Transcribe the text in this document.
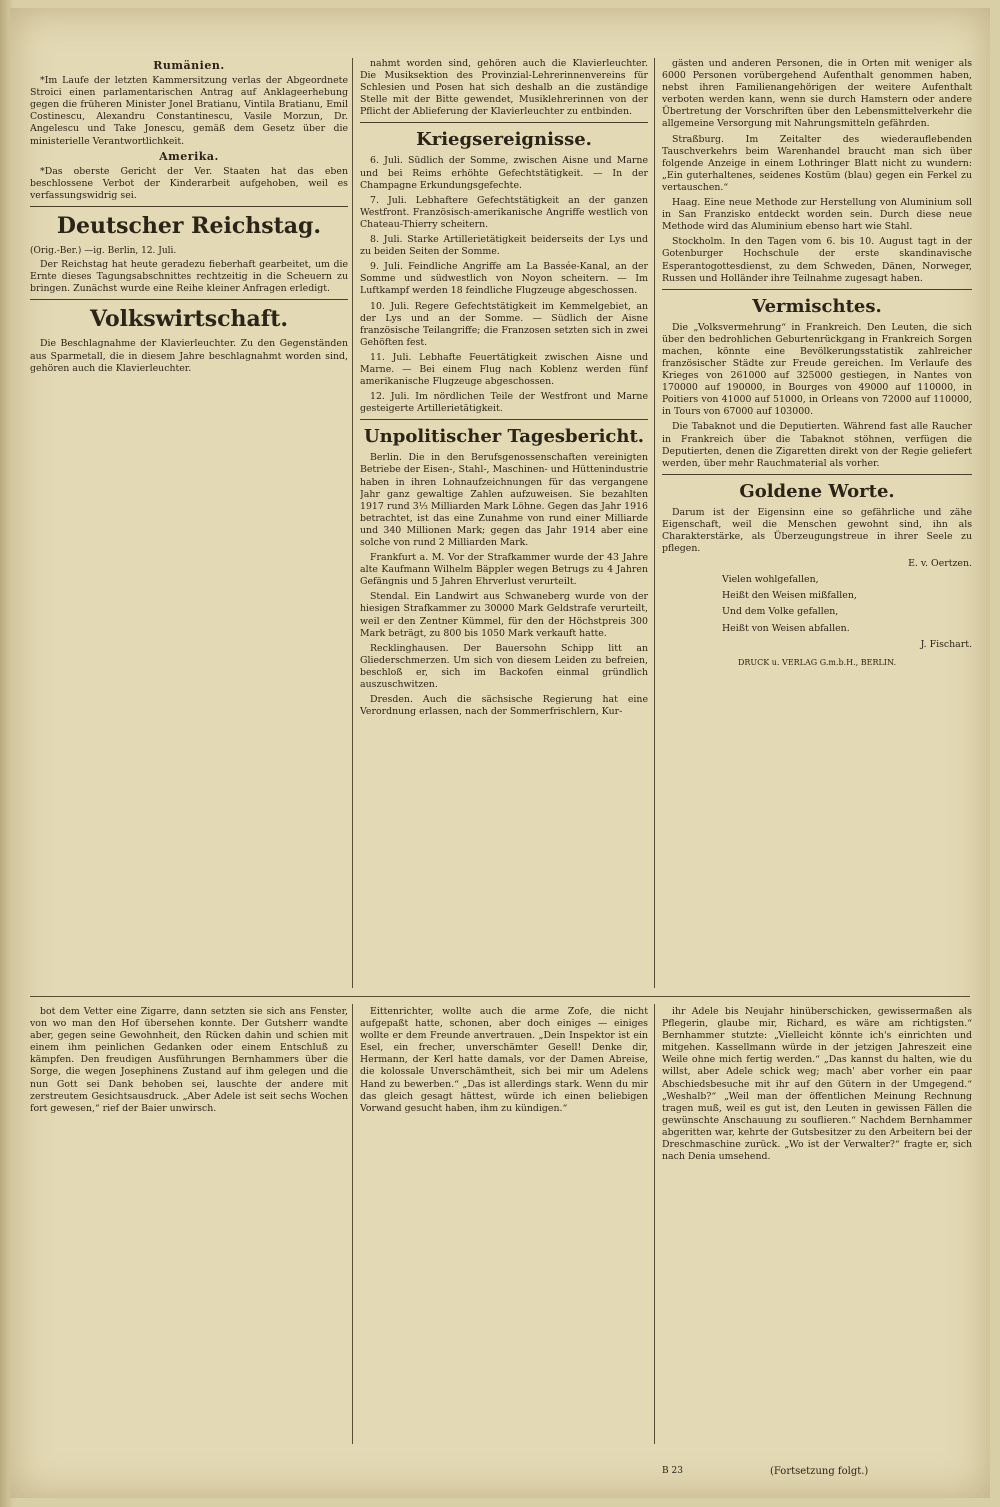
Rumänien.

*Im Laufe der letzten Kammersitzung verlas der Abgeordnete Stroici einen parlamentarischen Antrag auf Anklageerhebung gegen die früheren Minister Jonel Bratianu, Vintila Bratianu, Emil Costinescu, Alexandru Constantinescu, Vasile Morzun, Dr. Angelescu und Take Jonescu, gemäß dem Gesetz über die ministerielle Verantwortlichkeit.

Amerika.

*Das oberste Gericht der Ver. Staaten hat das eben beschlossene Verbot der Kinderarbeit aufgehoben, weil es verfassungswidrig sei.

Deutscher Reichstag.
(Orig.-Ber.) —ig. Berlin, 12. Juli.

Der Reichstag hat heute geradezu fieberhaft gearbeitet, um die Ernte dieses Tagungsabschnittes rechtzeitig in die Scheuern zu bringen. Zunächst wurde eine Reihe kleiner Anfragen erledigt.

Volkswirtschaft.

Die Beschlagnahme der Klavierleuchter. Zu den Gegenständen aus Sparmetall, die in diesem Jahre beschlagnahmt worden sind, gehören auch die Klavierleuchter.

nahmt worden sind, gehören auch die Klavierleuchter. Die Musiksektion des Provinzial-Lehrerinnenvereins für Schlesien und Posen hat sich deshalb an die zuständige Stelle mit der Bitte gewendet, Musiklehrerinnen von der Pflicht der Ablieferung der Klavierleuchter zu entbinden.

Kriegsereignisse.

6. Juli. Südlich der Somme, zwischen Aisne und Marne und bei Reims erhöhte Gefechtstätigkeit. — In der Champagne Erkundungsgefechte.

7. Juli. Lebhaftere Gefechtstätigkeit an der ganzen Westfront. Französisch-amerikanische Angriffe westlich von Chateau-Thierry scheitern.

8. Juli. Starke Artillerietätigkeit beiderseits der Lys und zu beiden Seiten der Somme.

9. Juli. Feindliche Angriffe am La Bassée-Kanal, an der Somme und südwestlich von Noyon scheitern. — Im Luftkampf werden 18 feindliche Flugzeuge abgeschossen.

10. Juli. Regere Gefechtstätigkeit im Kemmelgebiet, an der Lys und an der Somme. — Südlich der Aisne französische Teilangriffe; die Franzosen setzten sich in zwei Gehöften fest.

11. Juli. Lebhafte Feuertätigkeit zwischen Aisne und Marne. — Bei einem Flug nach Koblenz werden fünf amerikanische Flugzeuge abgeschossen.

12. Juli. Im nördlichen Teile der Westfront und Marne gesteigerte Artillerietätigkeit.

Unpolitischer Tagesbericht.

Berlin. Die in den Berufsgenossenschaften vereinigten Betriebe der Eisen-, Stahl-, Maschinen- und Hüttenindustrie haben in ihren Lohnaufzeichnungen für das vergangene Jahr ganz gewaltige Zahlen aufzuweisen. Sie bezahlten 1917 rund 3⅓ Milliarden Mark Löhne. Gegen das Jahr 1916 betrachtet, ist das eine Zunahme von rund einer Milliarde und 340 Millionen Mark; gegen das Jahr 1914 aber eine solche von rund 2 Milliarden Mark.

Frankfurt a. M. Vor der Strafkammer wurde der 43 Jahre alte Kaufmann Wilhelm Bäppler wegen Betrugs zu 4 Jahren Gefängnis und 5 Jahren Ehrverlust verurteilt.

Stendal. Ein Landwirt aus Schwaneberg wurde von der hiesigen Strafkammer zu 30000 Mark Geldstrafe verurteilt, weil er den Zentner Kümmel, für den der Höchstpreis 300 Mark beträgt, zu 800 bis 1050 Mark verkauft hatte.

Recklinghausen. Der Bauersohn Schipp litt an Gliederschmerzen. Um sich von diesem Leiden zu befreien, beschloß er, sich im Backofen einmal gründlich auszuschwitzen.

Dresden. Auch die sächsische Regierung hat eine Verordnung erlassen, nach der Sommerfrischlern, Kur-

gästen und anderen Personen, die in Orten mit weniger als 6000 Personen vorübergehend Aufenthalt genommen haben, nebst ihren Familienangehörigen der weitere Aufenthalt verboten werden kann, wenn sie durch Hamstern oder andere Übertretung der Vorschriften über den Lebensmittelverkehr die allgemeine Versorgung mit Nahrungsmitteln gefährden.

Straßburg. Im Zeitalter des wiederauflebenden Tauschverkehrs beim Warenhandel braucht man sich über folgende Anzeige in einem Lothringer Blatt nicht zu wundern: „Ein guterhaltenes, seidenes Kostüm (blau) gegen ein Ferkel zu vertauschen.“

Haag. Eine neue Methode zur Herstellung von Aluminium soll in San Franzisko entdeckt worden sein. Durch diese neue Methode wird das Aluminium ebenso hart wie Stahl.

Stockholm. In den Tagen vom 6. bis 10. August tagt in der Gotenburger Hochschule der erste skandinavische Esperantogottesdienst, zu dem Schweden, Dänen, Norweger, Russen und Holländer ihre Teilnahme zugesagt haben.

Vermischtes.

Die „Volksvermehrung“ in Frankreich. Den Leuten, die sich über den bedrohlichen Geburtenrückgang in Frankreich Sorgen machen, könnte eine Bevölkerungsstatistik zahlreicher französischer Städte zur Freude gereichen. Im Verlaufe des Krieges von 261000 auf 325000 gestiegen, in Nantes von 170000 auf 190000, in Bourges von 49000 auf 110000, in Poitiers von 41000 auf 51000, in Orleans von 72000 auf 110000, in Tours von 67000 auf 103000.

Die Tabaknot und die Deputierten. Während fast alle Raucher in Frankreich über die Tabaknot stöhnen, verfügen die Deputierten, denen die Zigaretten direkt von der Regie geliefert werden, über mehr Rauchmaterial als vorher.

Goldene Worte.

Darum ist der Eigensinn eine so gefährliche und zähe Eigenschaft, weil die Menschen gewohnt sind, ihn als Charakterstärke, als Überzeugungstreue in ihrer Seele zu pflegen.

E. v. Oertzen.
Vielen wohlgefallen,
Heißt den Weisen mißfallen,
Und dem Volke gefallen,
Heißt von Weisen abfallen.
J. Fischart.
DRUCK u. VERLAG G.m.b.H., BERLIN.

bot dem Vetter eine Zigarre, dann setzten sie sich ans Fenster, von wo man den Hof übersehen konnte. Der Gutsherr wandte aber, gegen seine Gewohnheit, den Rücken dahin und schien mit einem ihm peinlichen Gedanken oder einem Entschluß zu kämpfen. Den freudigen Ausführungen Bernhammers über die Sorge, die wegen Josephinens Zustand auf ihm gelegen und die nun Gott sei Dank behoben sei, lauschte der andere mit zerstreutem Gesichtsausdruck. „Aber Adele ist seit sechs Wochen fort gewesen,“ rief der Baier unwirsch.

Eittenrichter, wollte auch die arme Zofe, die nicht aufgepaßt hatte, schonen, aber doch einiges — einiges wollte er dem Freunde anvertrauen. „Dein Inspektor ist ein Esel, ein frecher, unverschämter Gesell! Denke dir, Hermann, der Kerl hatte damals, vor der Damen Abreise, die kolossale Unverschämtheit, sich bei mir um Adelens Hand zu bewerben.“ „Das ist allerdings stark. Wenn du mir das gleich gesagt hättest, würde ich einen beliebigen Vorwand gesucht haben, ihm zu kündigen.“

ihr Adele bis Neujahr hinüberschicken, gewissermaßen als Pflegerin, glaube mir, Richard, es wäre am richtigsten.“ Bernhammer stutzte: „Vielleicht könnte ich's einrichten und mitgehen. Kassellmann würde in der jetzigen Jahreszeit eine Weile ohne mich fertig werden.“ „Das kannst du halten, wie du willst, aber Adele schick weg; mach' aber vorher ein paar Abschiedsbesuche mit ihr auf den Gütern in der Umgegend.“ „Weshalb?“ „Weil man der öffentlichen Meinung Rechnung tragen muß, weil es gut ist, den Leuten in gewissen Fällen die gewünschte Anschauung zu souflieren.“ Nachdem Bernhammer abgeritten war, kehrte der Gutsbesitzer zu den Arbeitern bei der Dreschmaschine zurück. „Wo ist der Verwalter?“ fragte er, sich nach Denia umsehend.

B 23	(Fortsetzung folgt.)
